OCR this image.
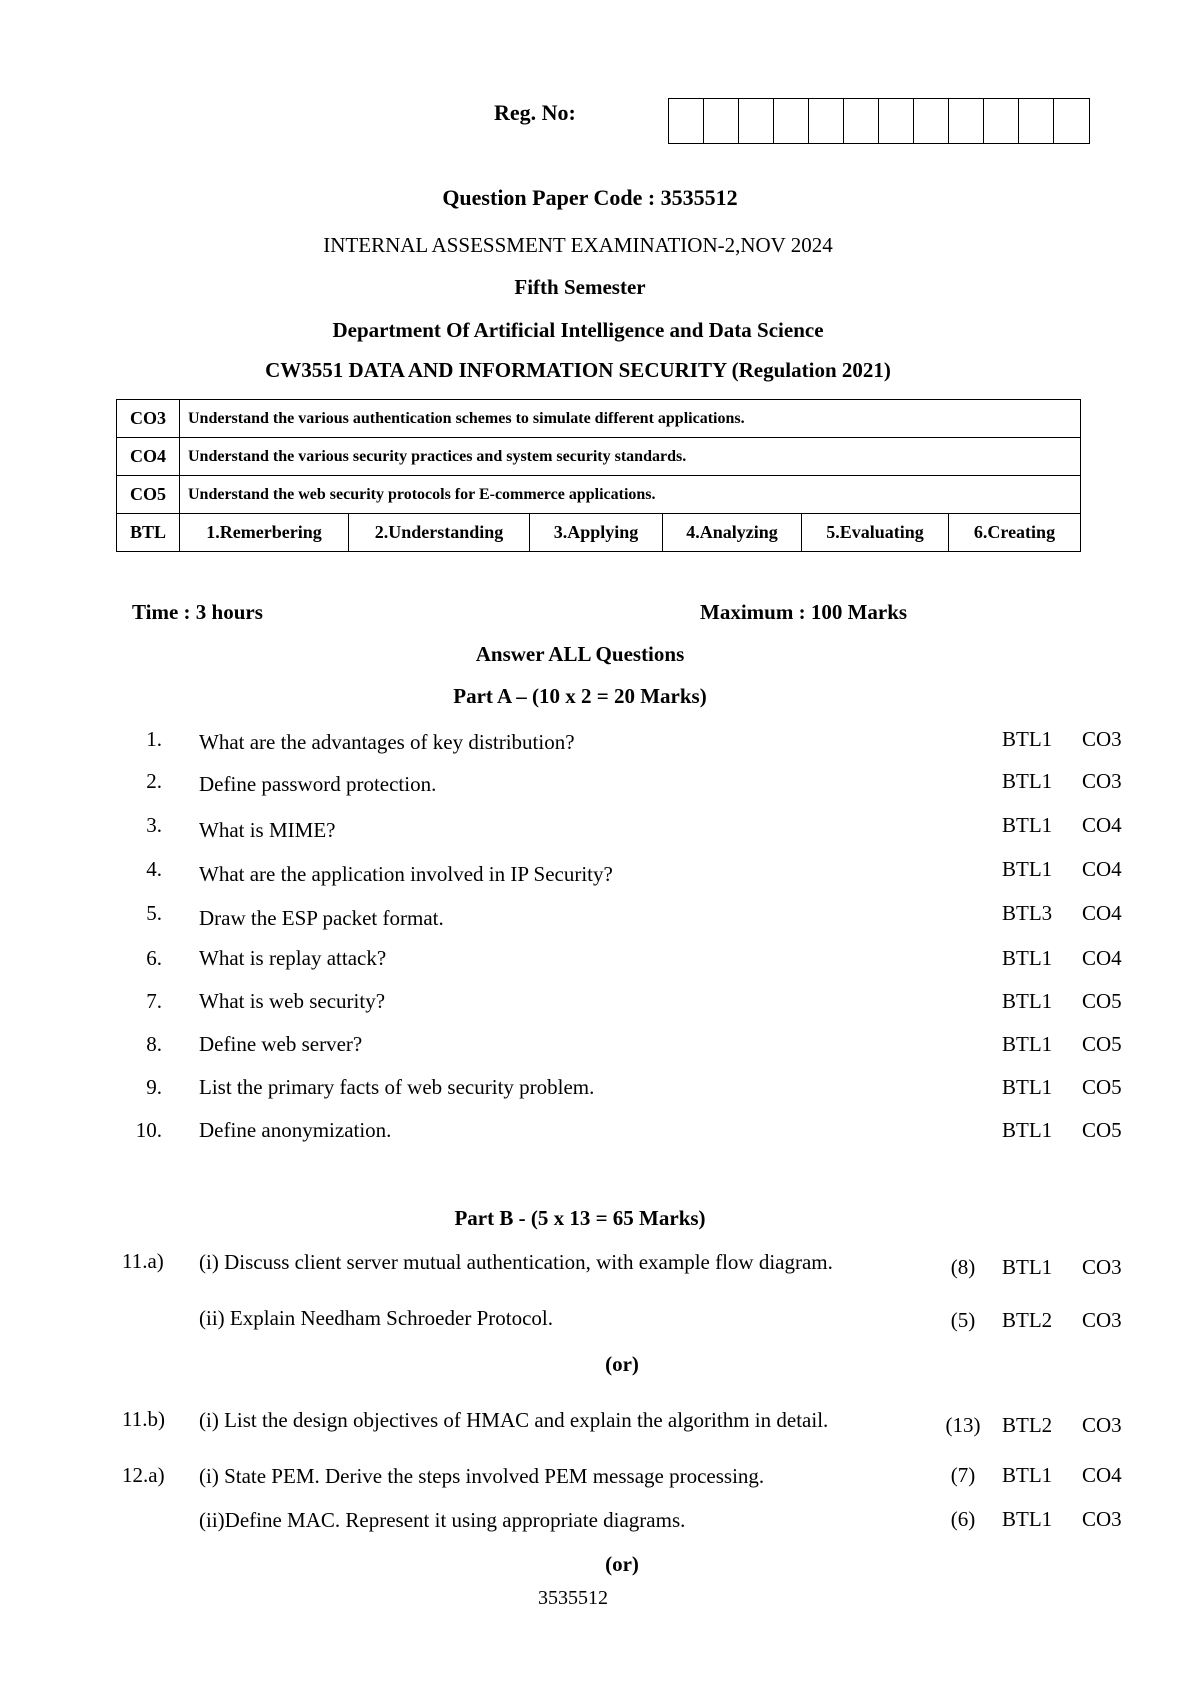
Reg. No:
Question Paper Code : 3535512
INTERNAL ASSESSMENT EXAMINATION-2,NOV 2024
Fifth Semester
Department Of Artificial Intelligence and Data Science
CW3551 DATA AND INFORMATION SECURITY (Regulation 2021)
CO3	Understand the various authentication schemes to simulate different applications.					
CO4	Understand the various security practices and system security standards.					
CO5	Understand the web security protocols for E-commerce applications.					
BTL	1.Remerbering	2.Understanding	3.Applying	4.Analyzing	5.Evaluating	6.Creating
Time : 3 hours	Maximum : 100 Marks
Answer ALL Questions
Part A – (10 x 2 = 20 Marks)
1. What are the advantages of key distribution?	BTL1 CO3
2. Define password protection.	BTL1 CO3
3. What is MIME?	BTL1 CO4
4. What are the application involved in IP Security?	BTL1 CO4
5. Draw the ESP packet format.	BTL3 CO4
6. What is replay attack?	BTL1 CO4
7. What is web security?	BTL1 CO5
8. Define web server?	BTL1 CO5
9. List the primary facts of web security problem.	BTL1 CO5
10. Define anonymization.	BTL1 CO5
Part B - (5 x 13 = 65 Marks)
11.a)	(i) Discuss client server mutual authentication, with example flow diagram.	(8)	BTL1 CO3
(ii) Explain Needham Schroeder Protocol.	(5)	BTL2 CO3
(or)
11.b)	(i) List the design objectives of HMAC and explain the algorithm in detail.	(13)	BTL2 CO3
12.a)	(i) State PEM. Derive the steps involved PEM message processing.	(7)	BTL1 CO4
(ii)Define MAC. Represent it using appropriate diagrams.	(6)	BTL1 CO3
(or)
3535512
